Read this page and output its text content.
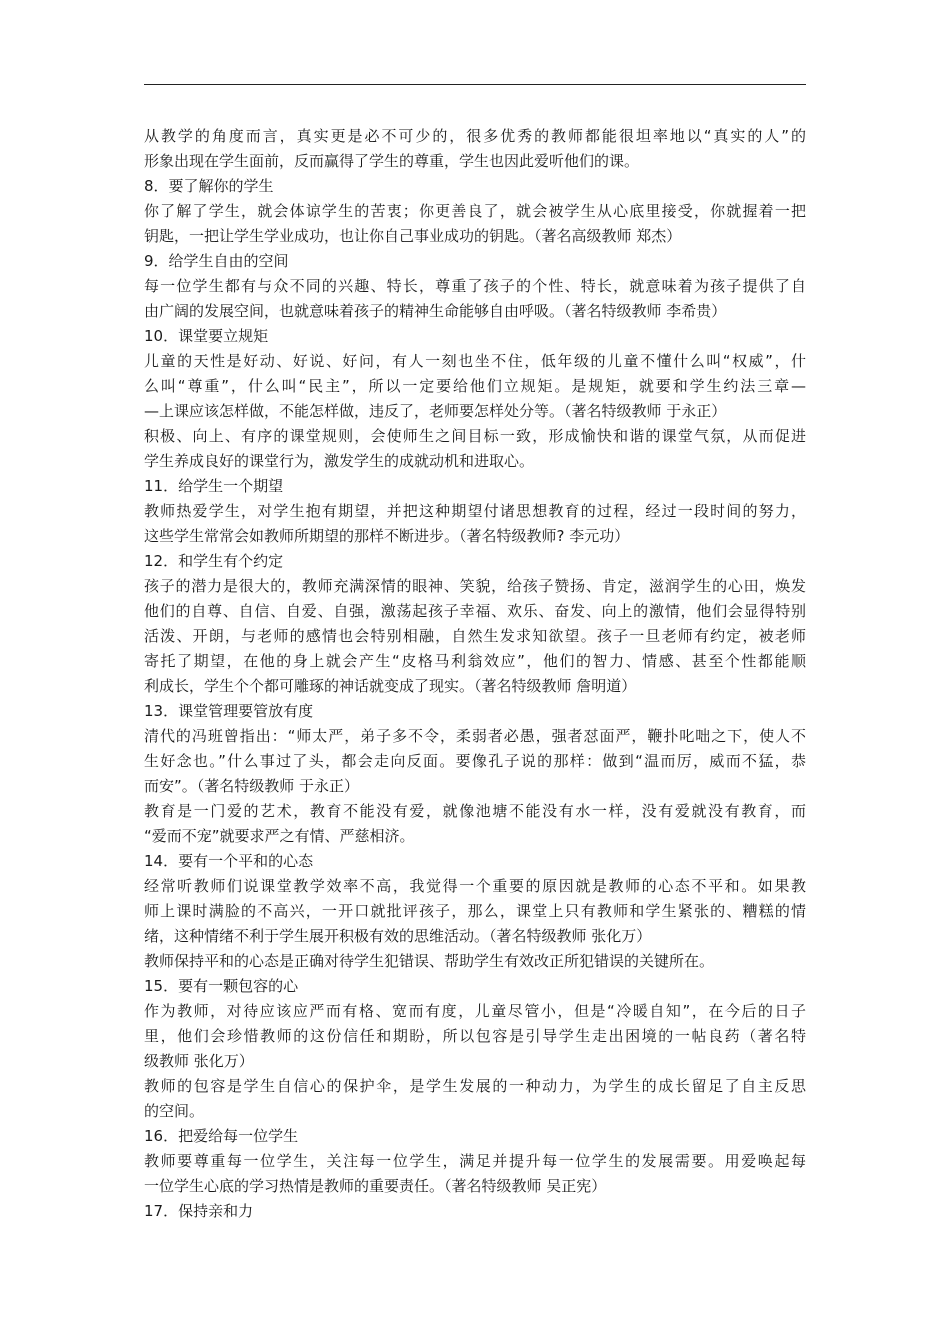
从教学的角度而言，真实更是必不可少的，很多优秀的教师都能很坦率地以“真实的人”的
形象出现在学生面前，反而赢得了学生的尊重，学生也因此爱听他们的课。
8．要了解你的学生
你了解了学生，就会体谅学生的苦衷；你更善良了，就会被学生从心底里接受，你就握着一把
钥匙，一把让学生学业成功，也让你自己事业成功的钥匙。（著名高级教师 郑杰）
9．给学生自由的空间
每一位学生都有与众不同的兴趣、特长，尊重了孩子的个性、特长，就意味着为孩子提供了自
由广阔的发展空间，也就意味着孩子的精神生命能够自由呼吸。（著名特级教师 李希贵）
10．课堂要立规矩
儿童的天性是好动、好说、好问，有人一刻也坐不住，低年级的儿童不懂什么叫“权威”，什
么叫“尊重”，什么叫“民主”，所以一定要给他们立规矩。是规矩，就要和学生约法三章—
—上课应该怎样做，不能怎样做，违反了，老师要怎样处分等。（著名特级教师 于永正）
积极、向上、有序的课堂规则，会使师生之间目标一致，形成愉快和谐的课堂气氛，从而促进
学生养成良好的课堂行为，激发学生的成就动机和进取心。
11．给学生一个期望
教师热爱学生，对学生抱有期望，并把这种期望付诸思想教育的过程，经过一段时间的努力，
这些学生常常会如教师所期望的那样不断进步。（著名特级教师? 李元功）
12．和学生有个约定
孩子的潜力是很大的，教师充满深情的眼神、笑貌，给孩子赞扬、肯定，滋润学生的心田，焕发
他们的自尊、自信、自爱、自强，激荡起孩子幸福、欢乐、奋发、向上的激情，他们会显得特别
活泼、开朗，与老师的感情也会特别相融，自然生发求知欲望。孩子一旦老师有约定，被老师
寄托了期望，在他的身上就会产生“皮格马利翁效应”，他们的智力、情感、甚至个性都能顺
利成长，学生个个都可雕琢的神话就变成了现实。（著名特级教师 詹明道）
13．课堂管理要管放有度
清代的冯班曾指出：“师太严，弟子多不令，柔弱者必愚，强者怼面严，鞭扑叱咄之下，使人不
生好念也。”什么事过了头，都会走向反面。要像孔子说的那样：做到“温而厉，威而不猛，恭
而安”。（著名特级教师 于永正）
教育是一门爱的艺术，教育不能没有爱，就像池塘不能没有水一样，没有爱就没有教育，而
“爱而不宠”就要求严之有情、严慈相济。
14．要有一个平和的心态
经常听教师们说课堂教学效率不高，我觉得一个重要的原因就是教师的心态不平和。如果教
师上课时满脸的不高兴，一开口就批评孩子，那么，课堂上只有教师和学生紧张的、糟糕的情
绪，这种情绪不利于学生展开积极有效的思维活动。（著名特级教师 张化万）
教师保持平和的心态是正确对待学生犯错误、帮助学生有效改正所犯错误的关键所在。
15．要有一颗包容的心
作为教师，对待应该应严而有格、宽而有度，儿童尽管小，但是“冷暖自知”，在今后的日子
里，他们会珍惜教师的这份信任和期盼，所以包容是引导学生走出困境的一帖良药（著名特
级教师 张化万）
教师的包容是学生自信心的保护伞，是学生发展的一种动力，为学生的成长留足了自主反思
的空间。
16．把爱给每一位学生
教师要尊重每一位学生，关注每一位学生，满足并提升每一位学生的发展需要。用爱唤起每
一位学生心底的学习热情是教师的重要责任。（著名特级教师 吴正宪）
17．保持亲和力
